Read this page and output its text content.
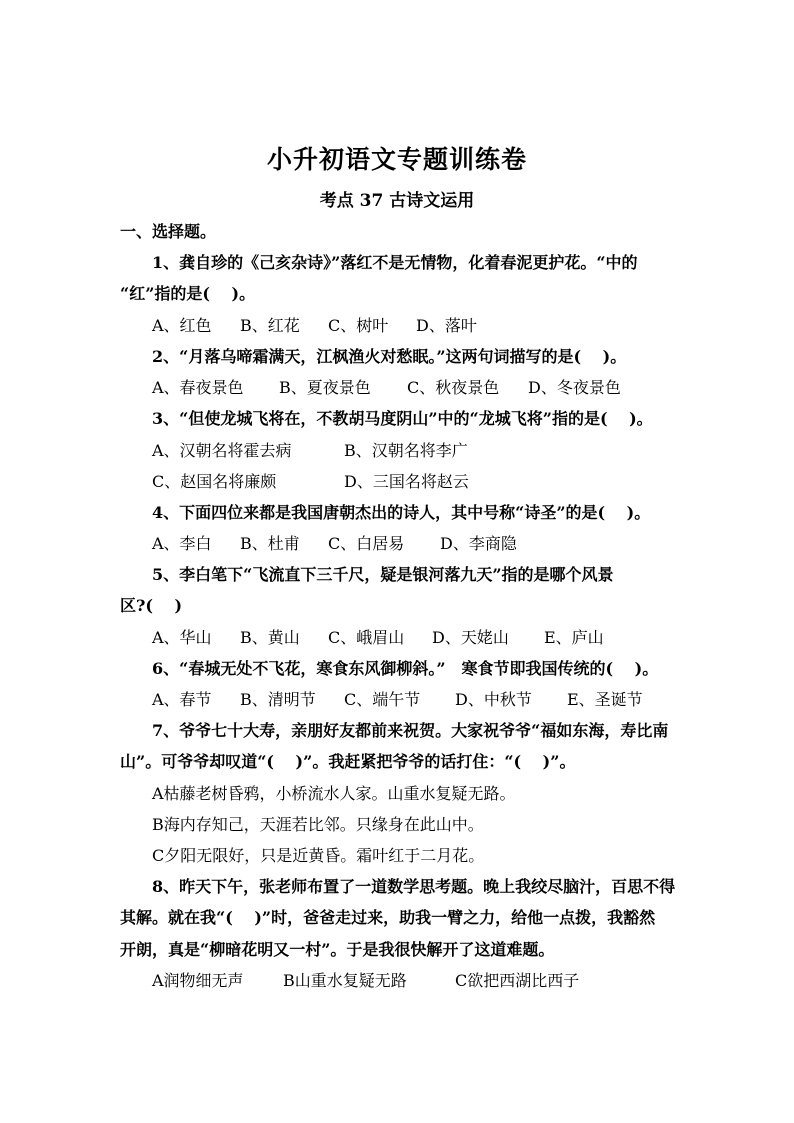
小升初语文专题训练卷
考点 37 古诗文运用
一、选择题。
1、龚自珍的《己亥杂诗》”落红不是无情物，化着春泥更护花。“中的
“红”指的是(　 )。
A、红色 B、红花 C、树叶 D、落叶
2、“月落乌啼霜满天，江枫渔火对愁眠。”这两句词描写的是(　 )。
A、春夜景色 B、夏夜景色 C、秋夜景色 D、冬夜景色
3、“但使龙城飞将在，不教胡马度阴山”中的“龙城飞将”指的是(　 )。
A、汉朝名将霍去病	B、汉朝名将李广
C、赵国名将廉颇	D、三国名将赵云
4、下面四位来都是我国唐朝杰出的诗人，其中号称“诗圣”的是(　 )。
A、李白 B、杜甫 C、白居易 D、李商隐
5、李白笔下“飞流直下三千尺，疑是银河落九天”指的是哪个风景
区?(　 )
A、华山 B、黄山 C、峨眉山 D、天姥山 E、庐山
6、“春城无处不飞花，寒食东风御柳斜。”　寒食节即我国传统的(　 )。
A、春节 B、清明节 C、端午节 D、中秋节 E、圣诞节
7、爷爷七十大寿，亲朋好友都前来祝贺。大家祝爷爷“福如东海，寿比南
山”。可爷爷却叹道“(　 )”。我赶紧把爷爷的话打住：“(　 )”。
A枯藤老树昏鸦，小桥流水人家。山重水复疑无路。
B海内存知己，天涯若比邻。只缘身在此山中。
C夕阳无限好，只是近黄昏。霜叶红于二月花。
8、昨天下午，张老师布置了一道数学思考题。晚上我绞尽脑汁，百思不得
其解。就在我“(　 )”时，爸爸走过来，助我一臂之力，给他一点拨，我豁然
开朗，真是“柳暗花明又一村”。于是我很快解开了这道难题。
A润物细无声 B山重水复疑无路	C欲把西湖比西子
